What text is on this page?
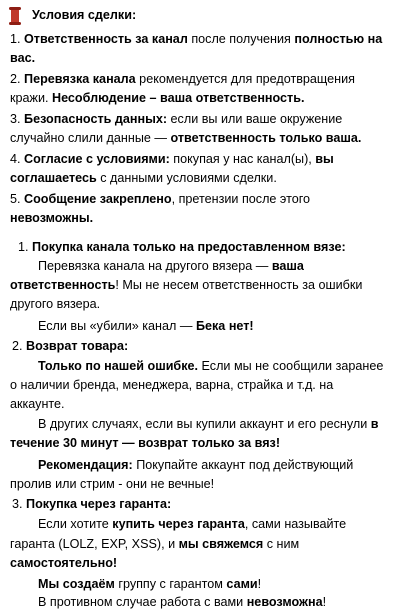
Условия сделки:
1. Ответственность за канал после получения полностью на
вас.
2. Перевязка канала рекомендуется для предотвращения
кражи. Несоблюдение – ваша ответственность.
3. Безопасность данных: если вы или ваше окружение
случайно слили данные — ответственность только ваша.
4. Согласие с условиями: покупая у нас канал(ы), вы
соглашаетесь с данными условиями сделки.
5. Сообщение закреплено, претензии после этого
невозможны.
1. Покупка канала только на предоставленном вязе:
Перевязка канала на другого вязера — ваша
ответственность! Мы не несем ответственность за ошибки
другого вязера.
Если вы «убили» канал — Бека нет!
2. Возврат товара:
Только по нашей ошибке. Если мы не сообщили заранее
о наличии бренда, менеджера, варна, страйка и т.д. на
аккаунте.
В других случаях, если вы купили аккаунт и его реснули в
течение 30 минут — возврат только за вяз!
Рекомендация: Покупайте аккаунт под действующий
пролив или стрим - они не вечные!
3. Покупка через гаранта:
Если хотите купить через гаранта, сами называйте
гаранта (LOLZ, EXP, XSS), и мы свяжемся с ним
самостоятельно!
Мы создаём группу с гарантом сами!
В противном случае работа с вами невозможна!
